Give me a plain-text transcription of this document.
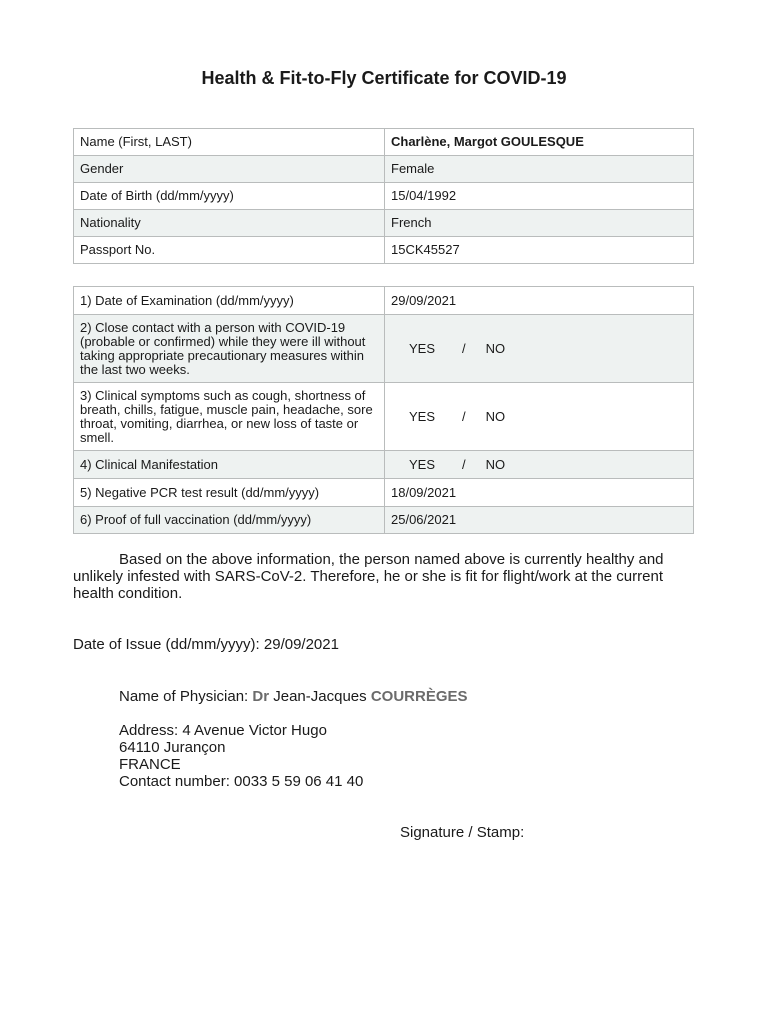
Health & Fit-to-Fly Certificate for COVID-19
Name (First, LAST)	Charlène, Margot GOULESQUE
Gender	Female
Date of Birth (dd/mm/yyyy)	15/04/1992
Nationality	French
Passport No.	15CK45527
1) Date of Examination (dd/mm/yyyy)	29/09/2021
2) Close contact with a person with COVID-19 (probable or confirmed) while they were ill without taking appropriate precautionary measures within the last two weeks.	YES / NO
3) Clinical symptoms such as cough, shortness of breath, chills, fatigue, muscle pain, headache, sore throat, vomiting, diarrhea, or new loss of taste or smell.	YES / NO
4) Clinical Manifestation	YES / NO
5) Negative PCR test result (dd/mm/yyyy)	18/09/2021
6) Proof of full vaccination (dd/mm/yyyy)	25/06/2021

Based on the above information, the person named above is currently healthy and unlikely infested with SARS-CoV-2. Therefore, he or she is fit for flight/work at the current health condition.

Date of Issue (dd/mm/yyyy): 29/09/2021

Name of Physician: Dr Jean-Jacques COURRÈGES

Address: 4 Avenue Victor Hugo

64110 Jurançon

FRANCE

Contact number: 0033 5 59 06 41 40

Signature / Stamp:
